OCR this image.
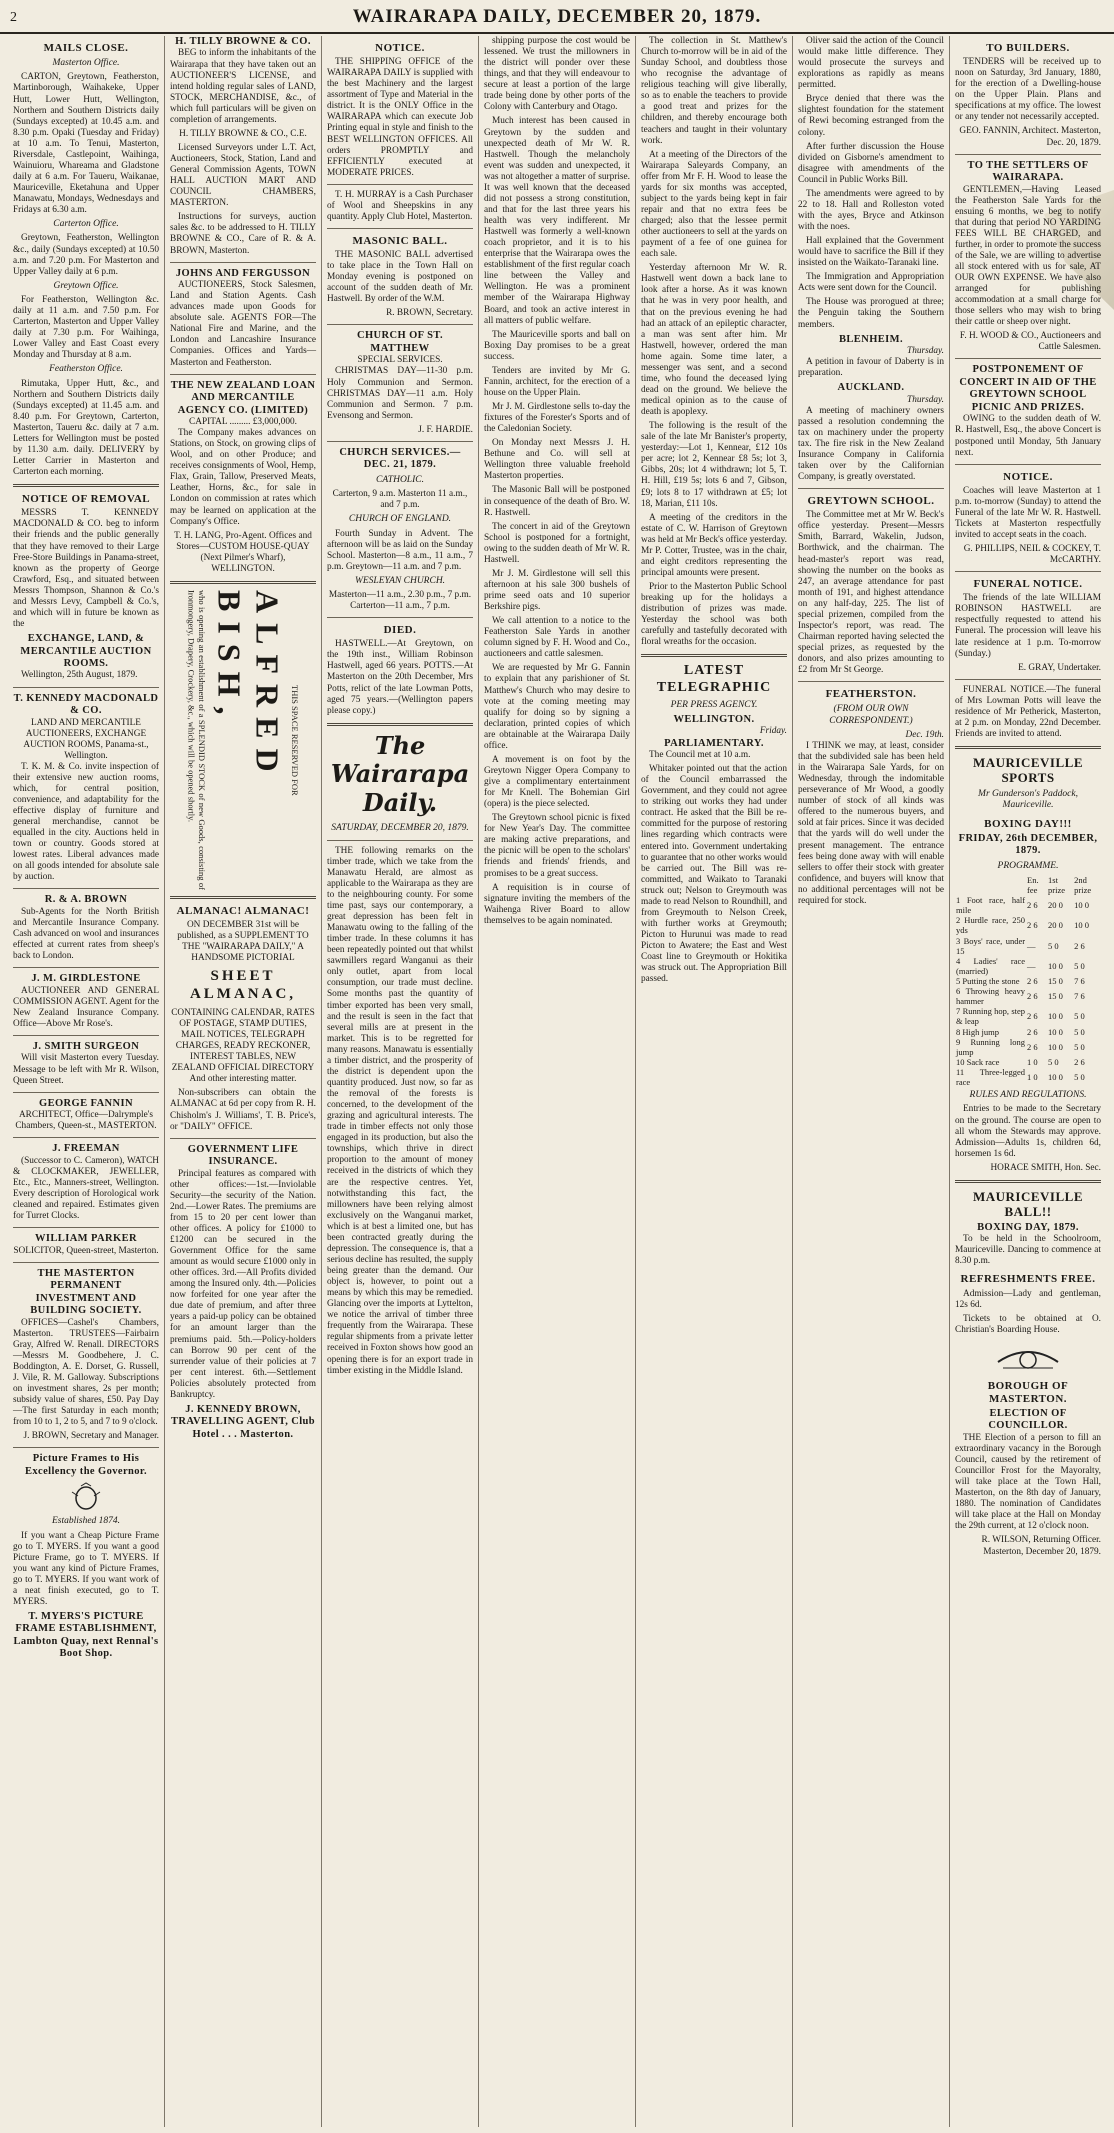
2	WAIRARAPA DAILY, DECEMBER 20, 1879.
MAILS CLOSE.
Masterton Office.

CARTON, Greytown, Featherston, Martinborough, Waihakeke, Upper Hutt, Lower Hutt, Wellington, Northern and Southern Districts daily (Sundays excepted) at 10.45 a.m. and 8.30 p.m. Opaki (Tuesday and Friday) at 10 a.m. To Tenui, Masterton, Riversdale, Castlepoint, Waihinga, Wainuioru, Whareama and Gladstone daily at 6 a.m. For Taueru, Waikanae, Mauriceville, Eketahuna and Upper Manawatu, Mondays, Wednesdays and Fridays at 6.30 a.m.

Carterton Office.

Greytown, Featherston, Wellington &c., daily (Sundays excepted) at 10.50 a.m. and 7.20 p.m. For Masterton and Upper Valley daily at 6 p.m.

Greytown Office.

For Featherston, Wellington &c. daily at 11 a.m. and 7.50 p.m. For Carterton, Masterton and Upper Valley daily at 7.30 p.m. For Waihinga, Lower Valley and East Coast every Monday and Thursday at 8 a.m.

Featherston Office.

Rimutaka, Upper Hutt, &c., and Northern and Southern Districts daily (Sundays excepted) at 11.45 a.m. and 8.40 p.m. For Greytown, Carterton, Masterton, Taueru &c. daily at 7 a.m. Letters for Wellington must be posted by 11.30 a.m. daily. DELIVERY by Letter Carrier in Masterton and Carterton each morning.

NOTICE OF REMOVAL

MESSRS T. KENNEDY MACDONALD & CO. beg to inform their friends and the public generally that they have removed to their Large Free-Store Buildings in Panama-street, known as the property of George Crawford, Esq., and situated between Messrs Thompson, Shannon & Co.'s and Messrs Levy, Campbell & Co.'s, and which will in future be known as the

EXCHANGE, LAND, & MERCANTILE AUCTION ROOMS.

Wellington, 25th August, 1879.

T. KENNEDY MACDONALD & CO.
LAND AND MERCANTILE AUCTIONEERS, EXCHANGE AUCTION ROOMS, Panama-st., Wellington.

T. K. M. & Co. invite inspection of their extensive new auction rooms, which, for central position, convenience, and adaptability for the effective display of furniture and general merchandise, cannot be equalled in the city. Auctions held in town or country. Goods stored at lowest rates. Liberal advances made on all goods intended for absolute sale by auction.

R. & A. BROWN

Sub-Agents for the North British and Mercantile Insurance Company. Cash advanced on wool and insurances effected at current rates from sheep's back to London.

J. M. GIRDLESTONE

AUCTIONEER AND GENERAL COMMISSION AGENT. Agent for the New Zealand Insurance Company. Office—Above Mr Rose's.

J. SMITH SURGEON

Will visit Masterton every Tuesday. Message to be left with Mr R. Wilson, Queen Street.

GEORGE FANNIN

ARCHITECT, Office—Dalrymple's Chambers, Queen-st., MASTERTON.

J. FREEMAN

(Successor to C. Cameron), WATCH & CLOCKMAKER, JEWELLER, Etc., Etc., Manners-street, Wellington. Every description of Horological work cleaned and repaired. Estimates given for Turret Clocks.

WILLIAM PARKER

SOLICITOR, Queen-street, Masterton.

THE MASTERTON PERMANENT INVESTMENT AND BUILDING SOCIETY.

OFFICES—Cashel's Chambers, Masterton. TRUSTEES—Fairbairn Gray, Alfred W. Renall. DIRECTORS—Messrs M. Goodbehere, J. C. Boddington, A. E. Dorset, G. Russell, J. Vile, R. M. Galloway. Subscriptions on investment shares, 2s per month; subsidy value of shares, £50. Pay Day—The first Saturday in each month; from 10 to 1, 2 to 5, and 7 to 9 o'clock.

J. BROWN, Secretary and Manager.

Picture Frames to His Excellency the Governor.
Established 1874.

If you want a Cheap Picture Frame go to T. MYERS. If you want a good Picture Frame, go to T. MYERS. If you want any kind of Picture Frames, go to T. MYERS. If you want work of a neat finish executed, go to T. MYERS.

T. MYERS'S PICTURE FRAME ESTABLISHMENT, Lambton Quay, next Rennal's Boot Shop.

H. TILLY BROWNE & CO.

BEG to inform the inhabitants of the Wairarapa that they have taken out an AUCTIONEER'S LICENSE, and intend holding regular sales of LAND, STOCK, MERCHANDISE, &c., of which full particulars will be given on completion of arrangements.

H. TILLY BROWNE & CO., C.E.

Licensed Surveyors under L.T. Act, Auctioneers, Stock, Station, Land and General Commission Agents, TOWN HALL AUCTION MART AND COUNCIL CHAMBERS, MASTERTON.

Instructions for surveys, auction sales &c. to be addressed to H. TILLY BROWNE & CO., Care of R. & A. BROWN, Masterton.

JOHNS AND FERGUSSON

AUCTIONEERS, Stock Salesmen, Land and Station Agents. Cash advances made upon Goods for absolute sale. AGENTS FOR—The National Fire and Marine, and the London and Lancashire Insurance Companies. Offices and Yards—Masterton and Featherston.

THE NEW ZEALAND LOAN AND MERCANTILE AGENCY CO. (LIMITED)
CAPITAL ......... £3,000,000.

The Company makes advances on Stations, on Stock, on growing clips of Wool, and on other Produce; and receives consignments of Wool, Hemp, Flax, Grain, Tallow, Preserved Meats, Leather, Horns, &c., for sale in London on commission at rates which may be learned on application at the Company's Office.

T. H. LANG, Pro-Agent. Offices and Stores—CUSTOM HOUSE-QUAY (Next Pilmer's Wharf), WELLINGTON.

who is opening an establishment of a SPLENDID STOCK of new Goods, consisting of Ironmongery, Drapery, Crockery, &c., which will be opened shortly.	ALFRED BISH,
THIS SPACE RESERVED FOR
ALMANAC! ALMANAC!

ON DECEMBER 31st will be published, as a SUPPLEMENT TO THE "WAIRARAPA DAILY," A HANDSOME PICTORIAL

SHEET ALMANAC,

CONTAINING CALENDAR, RATES OF POSTAGE, STAMP DUTIES, MAIL NOTICES, TELEGRAPH CHARGES, READY RECKONER, INTEREST TABLES, NEW ZEALAND OFFICIAL DIRECTORY And other interesting matter.

Non-subscribers can obtain the ALMANAC at 6d per copy from R. H. Chisholm's J. Williams', T. B. Price's, or "DAILY" OFFICE.

GOVERNMENT LIFE INSURANCE.

Principal features as compared with other offices:—1st.—Inviolable Security—the security of the Nation. 2nd.—Lower Rates. The premiums are from 15 to 20 per cent lower than other offices. A policy for £1000 to £1200 can be secured in the Government Office for the same amount as would secure £1000 only in other offices. 3rd.—All Profits divided among the Insured only. 4th.—Policies now forfeited for one year after the due date of premium, and after three years a paid-up policy can be obtained for an amount larger than the premiums paid. 5th.—Policy-holders can Borrow 90 per cent of the surrender value of their policies at 7 per cent interest. 6th.—Settlement Policies absolutely protected from Bankruptcy.

J. KENNEDY BROWN, TRAVELLING AGENT, Club Hotel . . . Masterton.

NOTICE.

THE SHIPPING OFFICE of the WAIRARAPA DAILY is supplied with the best Machinery and the largest assortment of Type and Material in the district. It is the ONLY Office in the WAIRARAPA which can execute Job Printing equal in style and finish to the BEST WELLINGTON OFFICES. All orders PROMPTLY and EFFICIENTLY executed at MODERATE PRICES.

T. H. MURRAY is a Cash Purchaser of Wool and Sheepskins in any quantity. Apply Club Hotel, Masterton.

MASONIC BALL.

THE MASONIC BALL advertised to take place in the Town Hall on Monday evening is postponed on account of the sudden death of Mr. Hastwell. By order of the W.M.

R. BROWN, Secretary.

CHURCH OF ST. MATTHEW
SPECIAL SERVICES.

CHRISTMAS DAY—11-30 p.m. Holy Communion and Sermon. CHRISTMAS DAY—11 a.m. Holy Communion and Sermon. 7 p.m. Evensong and Sermon.

J. F. HARDIE.

CHURCH SERVICES.—DEC. 21, 1879.
CATHOLIC.

Carterton, 9 a.m. Masterton 11 a.m., and 7 p.m.

CHURCH OF ENGLAND.

Fourth Sunday in Advent. The afternoon will be as laid on the Sunday School. Masterton—8 a.m., 11 a.m., 7 p.m. Greytown—11 a.m. and 7 p.m.

WESLEYAN CHURCH.

Masterton—11 a.m., 2.30 p.m., 7 p.m. Carterton—11 a.m., 7 p.m.

DIED.

HASTWELL.—At Greytown, on the 19th inst., William Robinson Hastwell, aged 66 years. POTTS.—At Masterton on the 20th December, Mrs Potts, relict of the late Lowman Potts, aged 75 years.—(Wellington papers please copy.)

The Wairarapa Daily.
SATURDAY, DECEMBER 20, 1879.

THE following remarks on the timber trade, which we take from the Manawatu Herald, are almost as applicable to the Wairarapa as they are to the neighbouring county. For some time past, says our contemporary, a great depression has been felt in Manawatu owing to the falling of the timber trade. In these columns it has been repeatedly pointed out that whilst sawmillers regard Wanganui as their only outlet, apart from local consumption, our trade must decline. Some months past the quantity of timber exported has been very small, and the result is seen in the fact that several mills are at present in the market. This is to be regretted for many reasons. Manawatu is essentially a timber district, and the prosperity of the district is dependent upon the quantity produced. Just now, so far as the removal of the forests is concerned, to the development of the grazing and agricultural interests. The trade in timber effects not only those engaged in its production, but also the townships, which thrive in direct proportion to the amount of money received in the districts of which they are the respective centres. Yet, notwithstanding this fact, the millowners have been relying almost exclusively on the Wanganui market, which is at best a limited one, but has been contracted greatly during the depression. The consequence is, that a serious decline has resulted, the supply being greater than the demand. Our object is, however, to point out a means by which this may be remedied. Glancing over the imports at Lyttelton, we notice the arrival of timber three frequently from the Wairarapa. These regular shipments from a private letter received in Foxton shows how good an opening there is for an export trade in timber existing in the Middle Island.

shipping purpose the cost would be lessened. We trust the millowners in the district will ponder over these things, and that they will endeavour to secure at least a portion of the large trade being done by other ports of the Colony with Canterbury and Otago.

Much interest has been caused in Greytown by the sudden and unexpected death of Mr W. R. Hastwell. Though the melancholy event was sudden and unexpected, it was not altogether a matter of surprise. It was well known that the deceased did not possess a strong constitution, and that for the last three years his health was very indifferent. Mr Hastwell was formerly a well-known coach proprietor, and it is to his enterprise that the Wairarapa owes the establishment of the first regular coach line between the Valley and Wellington. He was a prominent member of the Wairarapa Highway Board, and took an active interest in all matters of public welfare.

The Mauriceville sports and ball on Boxing Day promises to be a great success.

Tenders are invited by Mr G. Fannin, architect, for the erection of a house on the Upper Plain.

Mr J. M. Girdlestone sells to-day the fixtures of the Forester's Sports and of the Caledonian Society.

On Monday next Messrs J. H. Bethune and Co. will sell at Wellington three valuable freehold Masterton properties.

The Masonic Ball will be postponed in consequence of the death of Bro. W. R. Hastwell.

The concert in aid of the Greytown School is postponed for a fortnight, owing to the sudden death of Mr W. R. Hastwell.

Mr J. M. Girdlestone will sell this afternoon at his sale 300 bushels of prime seed oats and 10 superior Berkshire pigs.

We call attention to a notice to the Featherston Sale Yards in another column signed by F. H. Wood and Co., auctioneers and cattle salesmen.

We are requested by Mr G. Fannin to explain that any parishioner of St. Matthew's Church who may desire to vote at the coming meeting may qualify for doing so by signing a declaration, printed copies of which are obtainable at the Wairarapa Daily office.

A movement is on foot by the Greytown Nigger Opera Company to give a complimentary entertainment for Mr Knell. The Bohemian Girl (opera) is the piece selected.

The Greytown school picnic is fixed for New Year's Day. The committee are making active preparations, and the picnic will be open to the scholars' friends and friends' friends, and promises to be a great success.

A requisition is in course of signature inviting the members of the Waihenga River Board to allow themselves to be again nominated.

The collection in St. Matthew's Church to-morrow will be in aid of the Sunday School, and doubtless those who recognise the advantage of religious teaching will give liberally, so as to enable the teachers to provide a good treat and prizes for the children, and thereby encourage both teachers and taught in their voluntary work.

At a meeting of the Directors of the Wairarapa Saleyards Company, an offer from Mr F. H. Wood to lease the yards for six months was accepted, subject to the yards being kept in fair repair and that no extra fees be charged; also that the lessee permit other auctioneers to sell at the yards on payment of a fee of one guinea for each sale.

Yesterday afternoon Mr W. R. Hastwell went down a back lane to look after a horse. As it was known that he was in very poor health, and that on the previous evening he had had an attack of an epileptic character, a man was sent after him. Mr Hastwell, however, ordered the man home again. Some time later, a messenger was sent, and a second time, who found the deceased lying dead on the ground. We believe the medical opinion as to the cause of death is apoplexy.

The following is the result of the sale of the late Mr Banister's property, yesterday:—Lot 1, Kennear, £12 10s per acre; lot 2, Kennear £8 5s; lot 3, Gibbs, 20s; lot 4 withdrawn; lot 5, T. H. Hill, £19 5s; lots 6 and 7, Gibson, £9; lots 8 to 17 withdrawn at £5; lot 18, Marian, £11 10s.

A meeting of the creditors in the estate of C. W. Harrison of Greytown was held at Mr Beck's office yesterday. Mr P. Cotter, Trustee, was in the chair, and eight creditors representing the principal amounts were present.

Prior to the Masterton Public School breaking up for the holidays a distribution of prizes was made. Yesterday the school was both carefully and tastefully decorated with floral wreaths for the occasion.

LATEST TELEGRAPHIC
PER PRESS AGENCY.
WELLINGTON.
Friday.
PARLIAMENTARY.

The Council met at 10 a.m.

Whitaker pointed out that the action of the Council embarrassed the Government, and they could not agree to striking out works they had under contract. He asked that the Bill be re-committed for the purpose of restoring lines regarding which contracts were entered into. Government undertaking to guarantee that no other works would be carried out. The Bill was re-committed, and Waikato to Taranaki struck out; Nelson to Greymouth was made to read Nelson to Roundhill, and from Greymouth to Nelson Creek, with further works at Greymouth; Picton to Hurunui was made to read Picton to Awatere; the East and West Coast line to Greymouth or Hokitika was struck out. The Appropriation Bill passed.

Oliver said the action of the Council would make little difference. They would prosecute the surveys and explorations as rapidly as means permitted.

Bryce denied that there was the slightest foundation for the statement of Rewi becoming estranged from the colony.

After further discussion the House divided on Gisborne's amendment to disagree with amendments of the Council in Public Works Bill.

The amendments were agreed to by 22 to 18. Hall and Rolleston voted with the ayes, Bryce and Atkinson with the noes.

Hall explained that the Government would have to sacrifice the Bill if they insisted on the Waikato-Taranaki line.

The Immigration and Appropriation Acts were sent down for the Council.

The House was prorogued at three; the Penguin taking the Southern members.

BLENHEIM.
Thursday.

A petition in favour of Daberty is in preparation.

AUCKLAND.
Thursday.

A meeting of machinery owners passed a resolution condemning the tax on machinery under the property tax. The fire risk in the New Zealand Insurance Company in California taken over by the Californian Company, is greatly overstated.

GREYTOWN SCHOOL.

The Committee met at Mr W. Beck's office yesterday. Present—Messrs Smith, Barrard, Wakelin, Judson, Borthwick, and the chairman. The head-master's report was read, showing the number on the books as 247, an average attendance for past month of 191, and highest attendance on any half-day, 225. The list of special prizemen, compiled from the Inspector's report, was read. The Chairman reported having selected the special prizes, as requested by the donors, and also prizes amounting to £2 from Mr St George.

FEATHERSTON.
(FROM OUR OWN CORRESPONDENT.)
Dec. 19th.

I THINK we may, at least, consider that the subdivided sale has been held in the Wairarapa Sale Yards, for on Wednesday, through the indomitable perseverance of Mr Wood, a goodly number of stock of all kinds was offered to the numerous buyers, and sold at fair prices. Since it was decided that the yards will do well under the present management. The entrance fees being done away with will enable sellers to offer their stock with greater confidence, and buyers will know that no additional percentages will not be required for stock.

TO BUILDERS.

TENDERS will be received up to noon on Saturday, 3rd January, 1880, for the erection of a Dwelling-house on the Upper Plain. Plans and specifications at my office. The lowest or any tender not necessarily accepted.

GEO. FANNIN, Architect. Masterton, Dec. 20, 1879.

TO THE SETTLERS OF WAIRARAPA.

GENTLEMEN,—Having Leased the Featherston Sale Yards for the ensuing 6 months, we beg to notify that during that period NO YARDING FEES WILL BE CHARGED, and further, in order to promote the success of the Sale, we are willing to advertise all stock entered with us for sale, AT OUR OWN EXPENSE. We have also arranged for publishing accommodation at a small charge for those sellers who may wish to bring their cattle or sheep over night.

F. H. WOOD & CO., Auctioneers and Cattle Salesmen.

POSTPONEMENT OF CONCERT IN AID OF THE GREYTOWN SCHOOL PICNIC AND PRIZES.

OWING to the sudden death of W. R. Hastwell, Esq., the above Concert is postponed until Monday, 5th January next.

NOTICE.

Coaches will leave Masterton at 1 p.m. to-morrow (Sunday) to attend the Funeral of the late Mr W. R. Hastwell. Tickets at Masterton respectfully invited to accept seats in the coach.

G. PHILLIPS, NEIL & COCKEY, T. McCARTHY.

FUNERAL NOTICE.

The friends of the late WILLIAM ROBINSON HASTWELL are respectfully requested to attend his Funeral. The procession will leave his late residence at 1 p.m. To-morrow (Sunday.)

E. GRAY, Undertaker.

FUNERAL NOTICE.—The funeral of Mrs Lowman Potts will leave the residence of Mr Petherick, Masterton, at 2 p.m. on Monday, 22nd December. Friends are invited to attend.

MAURICEVILLE SPORTS
Mr Gunderson's Paddock, Mauriceville.
BOXING DAY!!!
FRIDAY, 26th DECEMBER, 1879.
PROGRAMME.
	En. fee	1st prize	2nd prize
1 Foot race, half mile	2 6	20 0	10 0
2 Hurdle race, 250 yds	2 6	20 0	10 0
3 Boys' race, under 15	—	5 0	2 6
4 Ladies' race (married)	—	10 0	5 0
5 Putting the stone	2 6	15 0	7 6
6 Throwing heavy hammer	2 6	15 0	7 6
7 Running hop, step & leap	2 6	10 0	5 0
8 High jump	2 6	10 0	5 0
9 Running long jump	2 6	10 0	5 0
10 Sack race	1 0	5 0	2 6
11 Three-legged race	1 0	10 0	5 0
RULES AND REGULATIONS.

Entries to be made to the Secretary on the ground. The course are open to all whom the Stewards may approve. Admission—Adults 1s, children 6d, horsemen 1s 6d.

HORACE SMITH, Hon. Sec.

MAURICEVILLE BALL!!
BOXING DAY, 1879.

To be held in the Schoolroom, Mauriceville. Dancing to commence at 8.30 p.m.

REFRESHMENTS FREE.

Admission—Lady and gentleman, 12s 6d.

Tickets to be obtained at O. Christian's Boarding House.

BOROUGH OF MASTERTON.
ELECTION OF COUNCILLOR.

THE Election of a person to fill an extraordinary vacancy in the Borough Council, caused by the retirement of Councillor Frost for the Mayoralty, will take place at the Town Hall, Masterton, on the 8th day of January, 1880. The nomination of Candidates will take place at the Hall on Monday the 29th current, at 12 o'clock noon.

R. WILSON, Returning Officer. Masterton, December 20, 1879.
